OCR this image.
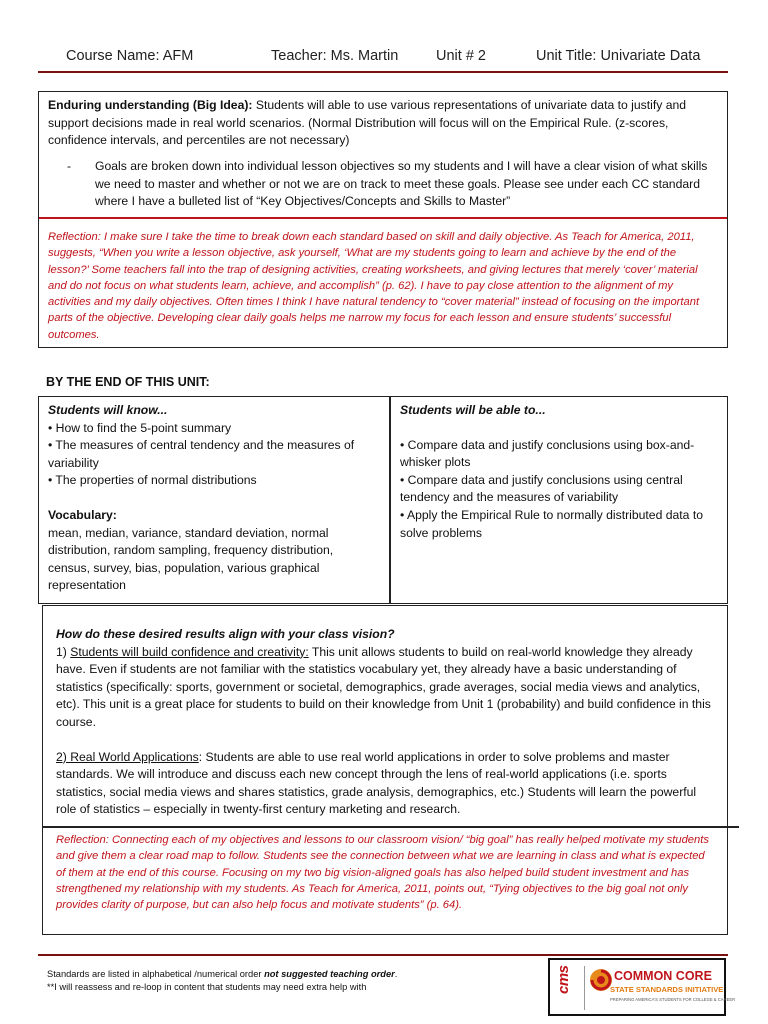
Course Name: AFM	Teacher: Ms. Martin	Unit # 2	Unit Title: Univariate Data
Enduring understanding (Big Idea): Students will able to use various representations of univariate data to justify and support decisions made in real world scenarios. (Normal Distribution will focus will on the Empirical Rule. (z-scores, confidence intervals, and percentiles are not necessary)
- Goals are broken down into individual lesson objectives so my students and I will have a clear vision of what skills we need to master and whether or not we are on track to meet these goals. Please see under each CC standard where I have a bulleted list of “Key Objectives/Concepts and Skills to Master”
Reflection: I make sure I take the time to break down each standard based on skill and daily objective. As Teach for America, 2011, suggests, “When you write a lesson objective, ask yourself, ‘What are my students going to learn and achieve by the end of the lesson?’ Some teachers fall into the trap of designing activities, creating worksheets, and giving lectures that merely ‘cover’ material and do not focus on what students learn, achieve, and accomplish” (p. 62). I have to pay close attention to the alignment of my activities and my daily objectives. Often times I think I have natural tendency to “cover material” instead of focusing on the important parts of the objective. Developing clear daily goals helps me narrow my focus for each lesson and ensure students’ successful outcomes.
BY THE END OF THIS UNIT:
Students will know...
• How to find the 5-point summary
• The measures of central tendency and the measures of variability
• The properties of normal distributions
Vocabulary:
mean, median, variance, standard deviation, normal distribution, random sampling, frequency distribution, census, survey, bias, population, various graphical representation
Students will be able to...
• Compare data and justify conclusions using box-and-whisker plots
• Compare data and justify conclusions using central tendency and the measures of variability
• Apply the Empirical Rule to normally distributed data to solve problems
How do these desired results align with your class vision?
1) Students will build confidence and creativity: This unit allows students to build on real-world knowledge they already have. Even if students are not familiar with the statistics vocabulary yet, they already have a basic understanding of statistics (specifically: sports, government or societal, demographics, grade averages, social media views and analytics, etc). This unit is a great place for students to build on their knowledge from Unit 1 (probability) and build confidence in this course.
2) Real World Applications: Students are able to use real world applications in order to solve problems and master standards. We will introduce and discuss each new concept through the lens of real-world applications (i.e. sports statistics, social media views and shares statistics, grade analysis, demographics, etc.) Students will learn the powerful role of statistics – especially in twenty-first century marketing and research.
Reflection: Connecting each of my objectives and lessons to our classroom vision/ “big goal” has really helped motivate my students and give them a clear road map to follow. Students see the connection between what we are learning in class and what is expected of them at the end of this course. Focusing on my two big vision-aligned goals has also helped build student investment and has strengthened my relationship with my students. As Teach for America, 2011, points out, “Tying objectives to the big goal not only provides clarity of purpose, but can also help focus and motivate students” (p. 64).
Standards are listed in alphabetical /numerical order not suggested teaching order.
**I will reassess and re-loop in content that students may need extra help with	cms	COMMON CORE
STATE STANDARDS INITIATIVE
PREPARING AMERICA'S STUDENTS FOR COLLEGE & CAREER
